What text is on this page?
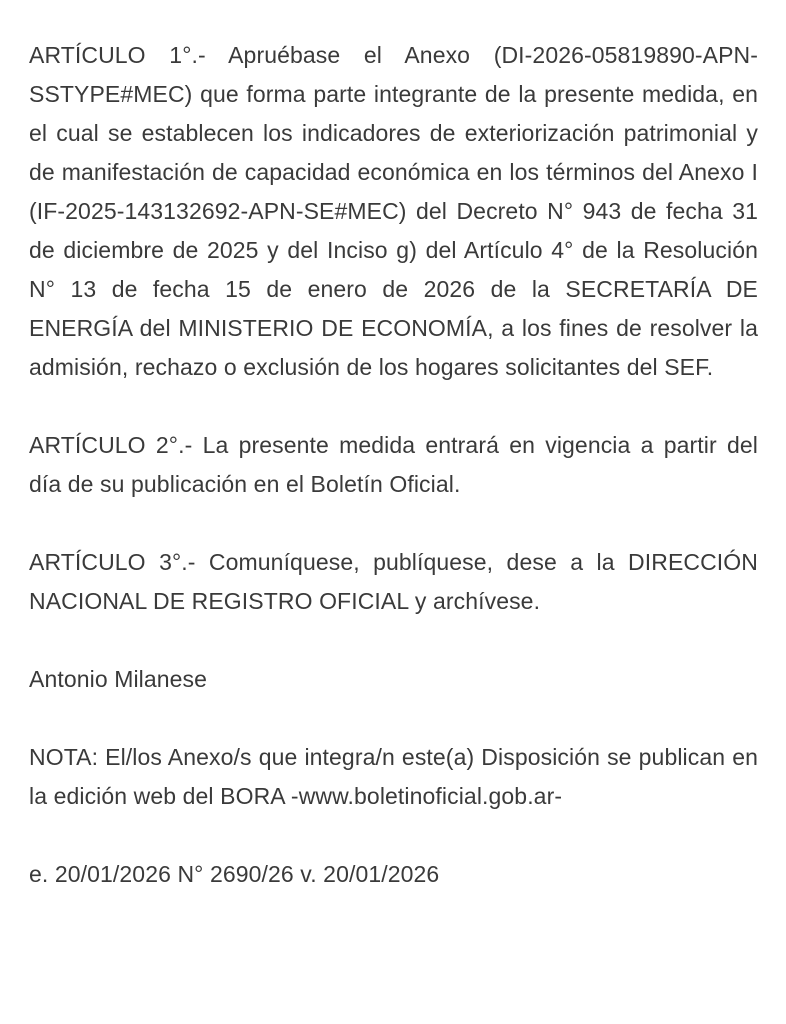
ARTÍCULO 1°.- Apruébase el Anexo (DI-2026-05819890-APN-SSTYPE#MEC) que forma parte integrante de la presente medida, en el cual se establecen los indicadores de exteriorización patrimonial y de manifestación de capacidad económica en los términos del Anexo I (IF-2025-143132692-APN-SE#MEC) del Decreto N° 943 de fecha 31 de diciembre de 2025 y del Inciso g) del Artículo 4° de la Resolución N° 13 de fecha 15 de enero de 2026 de la SECRETARÍA DE ENERGÍA del MINISTERIO DE ECONOMÍA, a los fines de resolver la admisión, rechazo o exclusión de los hogares solicitantes del SEF.

ARTÍCULO 2°.- La presente medida entrará en vigencia a partir del día de su publicación en el Boletín Oficial.

ARTÍCULO 3°.- Comuníquese, publíquese, dese a la DIRECCIÓN NACIONAL DE REGISTRO OFICIAL y archívese.

Antonio Milanese

NOTA: El/los Anexo/s que integra/n este(a) Disposición se publican en la edición web del BORA -www.boletinoficial.gob.ar-

e. 20/01/2026 N° 2690/26 v. 20/01/2026
